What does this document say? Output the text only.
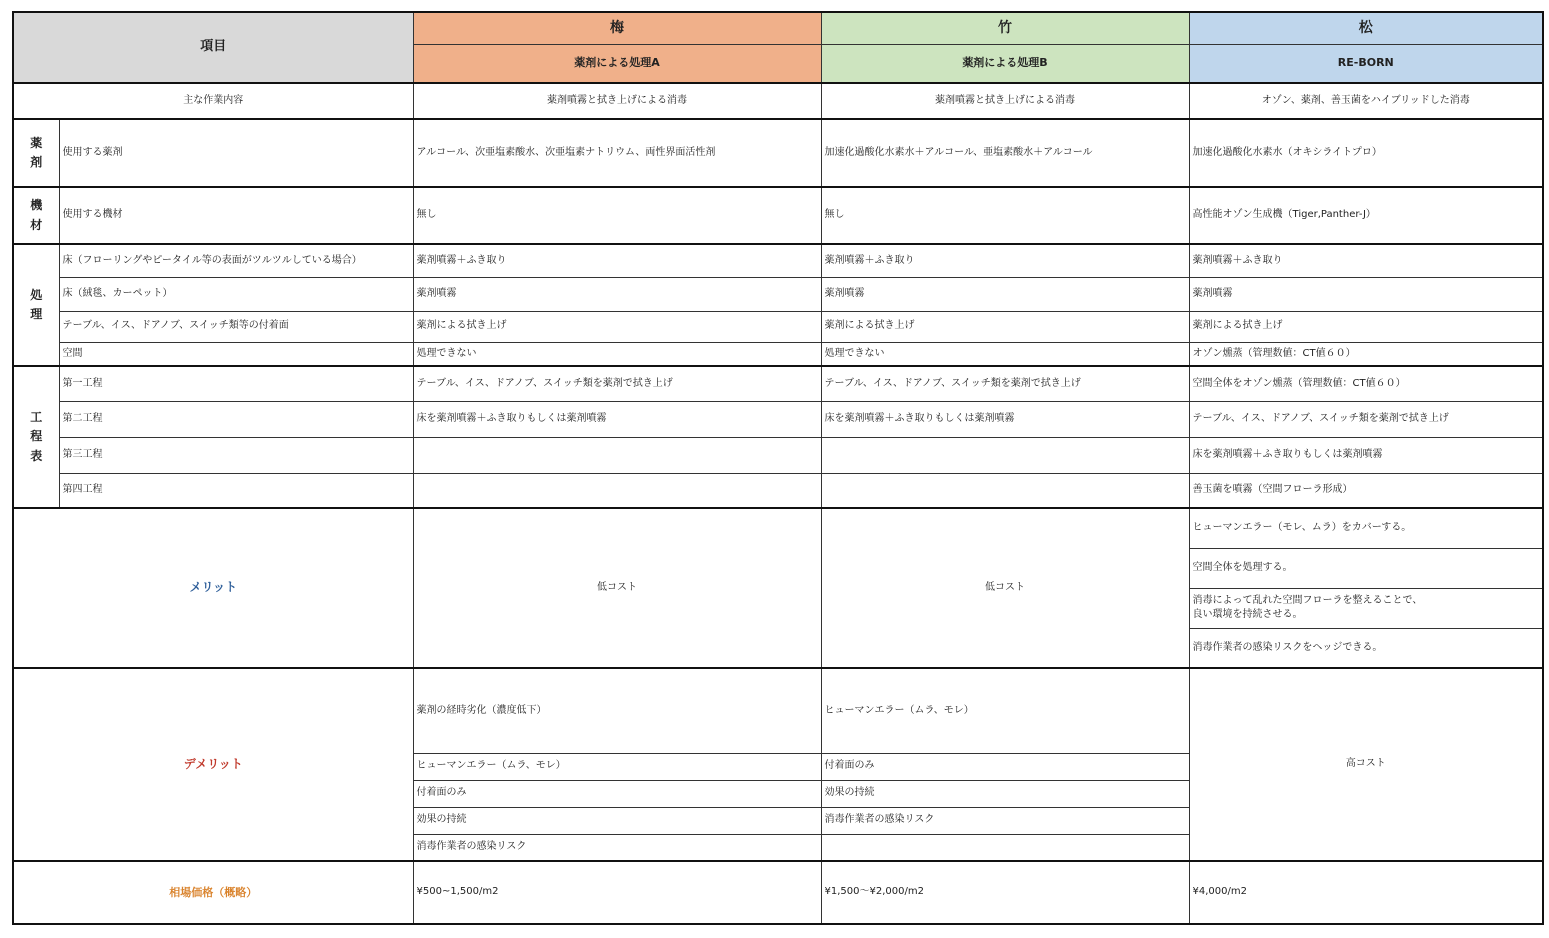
項目		梅	竹	松
		薬剤による処理A	薬剤による処理B	RE-BORN
主な作業内容		薬剤噴霧と拭き上げによる消毒	薬剤噴霧と拭き上げによる消毒	オゾン、薬剤、善玉菌をハイブリッドした消毒
薬剤	使用する薬剤	アルコール、次亜塩素酸水、次亜塩素ナトリウム、両性界面活性剤	加速化過酸化水素水＋アルコール、亜塩素酸水＋アルコール	加速化過酸化水素水（オキシライトプロ）
機材	使用する機材	無し	無し	高性能オゾン生成機（Tiger,Panther-J）
処理	床（フローリングやピータイル等の表面がツルツルしている場合）	薬剤噴霧＋ふき取り	薬剤噴霧＋ふき取り	薬剤噴霧＋ふき取り
	床（絨毯、カーペット）	薬剤噴霧	薬剤噴霧	薬剤噴霧
	テーブル、イス、ドアノブ、スイッチ類等の付着面	薬剤による拭き上げ	薬剤による拭き上げ	薬剤による拭き上げ
	空間	処理できない	処理できない	オゾン燻蒸（管理数値：CT値６０）
工程表	第一工程	テーブル、イス、ドアノブ、スイッチ類を薬剤で拭き上げ	テーブル、イス、ドアノブ、スイッチ類を薬剤で拭き上げ	空間全体をオゾン燻蒸（管理数値：CT値６０）
	第二工程	床を薬剤噴霧＋ふき取りもしくは薬剤噴霧	床を薬剤噴霧＋ふき取りもしくは薬剤噴霧	テーブル、イス、ドアノブ、スイッチ類を薬剤で拭き上げ
	第三工程			床を薬剤噴霧＋ふき取りもしくは薬剤噴霧
	第四工程			善玉菌を噴霧（空間フローラ形成）
メリット		低コスト	低コスト	ヒューマンエラー（モレ、ムラ）をカバーする。
				空間全体を処理する。

				消毒によって乱れた空間フローラを整えることで、
良い環境を持続させる。

				消毒作業者の感染リスクをヘッジできる。
デメリット		薬剤の経時劣化（濃度低下）	ヒューマンエラー（ムラ、モレ）	高コスト
		ヒューマンエラー（ムラ、モレ）	付着面のみ	
		付着面のみ	効果の持続	
		効果の持続	消毒作業者の感染リスク	
		消毒作業者の感染リスク		
相場価格（概略）		¥500~1,500/m2	¥1,500〜¥2,000/m2	¥4,000/m2
